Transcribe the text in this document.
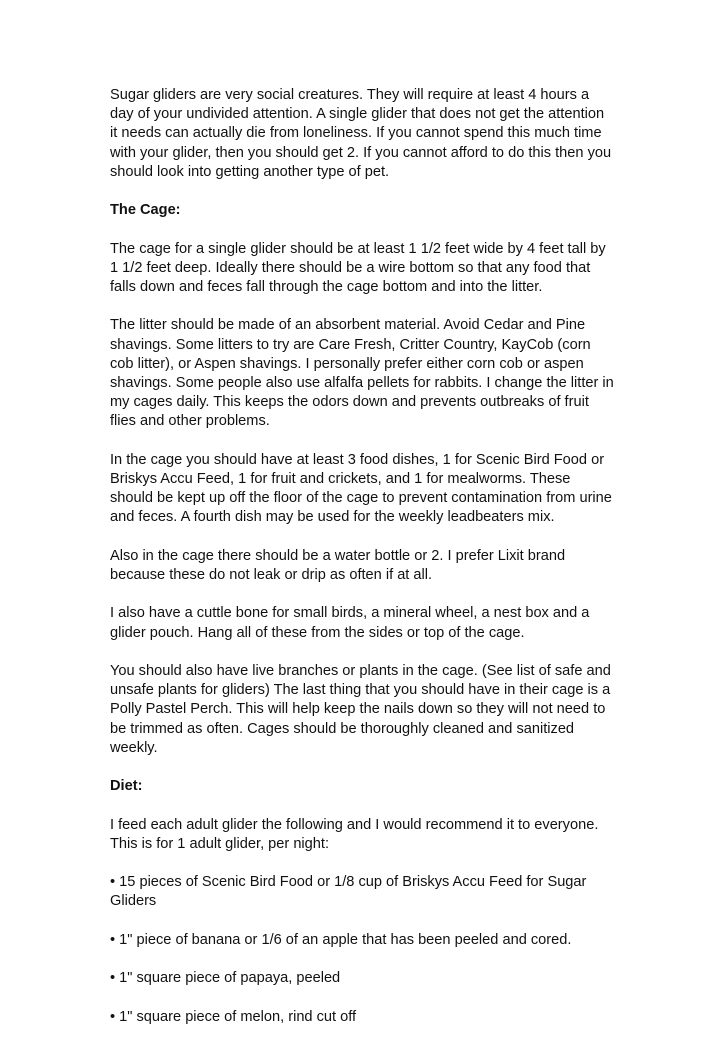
Sugar gliders are very social creatures. They will require at least 4 hours a
day of your undivided attention. A single glider that does not get the attention
it needs can actually die from loneliness. If you cannot spend this much time
with your glider, then you should get 2. If you cannot afford to do this then you
should look into getting another type of pet.

The Cage:

The cage for a single glider should be at least 1 1/2 feet wide by 4 feet tall by
1 1/2 feet deep. Ideally there should be a wire bottom so that any food that
falls down and feces fall through the cage bottom and into the litter.

The litter should be made of an absorbent material. Avoid Cedar and Pine
shavings. Some litters to try are Care Fresh, Critter Country, KayCob (corn
cob litter), or Aspen shavings. I personally prefer either corn cob or aspen
shavings. Some people also use alfalfa pellets for rabbits. I change the litter in
my cages daily. This keeps the odors down and prevents outbreaks of fruit
flies and other problems.

In the cage you should have at least 3 food dishes, 1 for Scenic Bird Food or
Briskys Accu Feed, 1 for fruit and crickets, and 1 for mealworms. These
should be kept up off the floor of the cage to prevent contamination from urine
and feces. A fourth dish may be used for the weekly leadbeaters mix.

Also in the cage there should be a water bottle or 2. I prefer Lixit brand
because these do not leak or drip as often if at all.

I also have a cuttle bone for small birds, a mineral wheel, a nest box and a
glider pouch. Hang all of these from the sides or top of the cage.

You should also have live branches or plants in the cage. (See list of safe and
unsafe plants for gliders) The last thing that you should have in their cage is a
Polly Pastel Perch. This will help keep the nails down so they will not need to
be trimmed as often. Cages should be thoroughly cleaned and sanitized
weekly.

Diet:

I feed each adult glider the following and I would recommend it to everyone.
This is for 1 adult glider, per night:

• 15 pieces of Scenic Bird Food or 1/8 cup of Briskys Accu Feed for Sugar
Gliders

• 1" piece of banana or 1/6 of an apple that has been peeled and cored.

• 1" square piece of papaya, peeled

• 1" square piece of melon, rind cut off
